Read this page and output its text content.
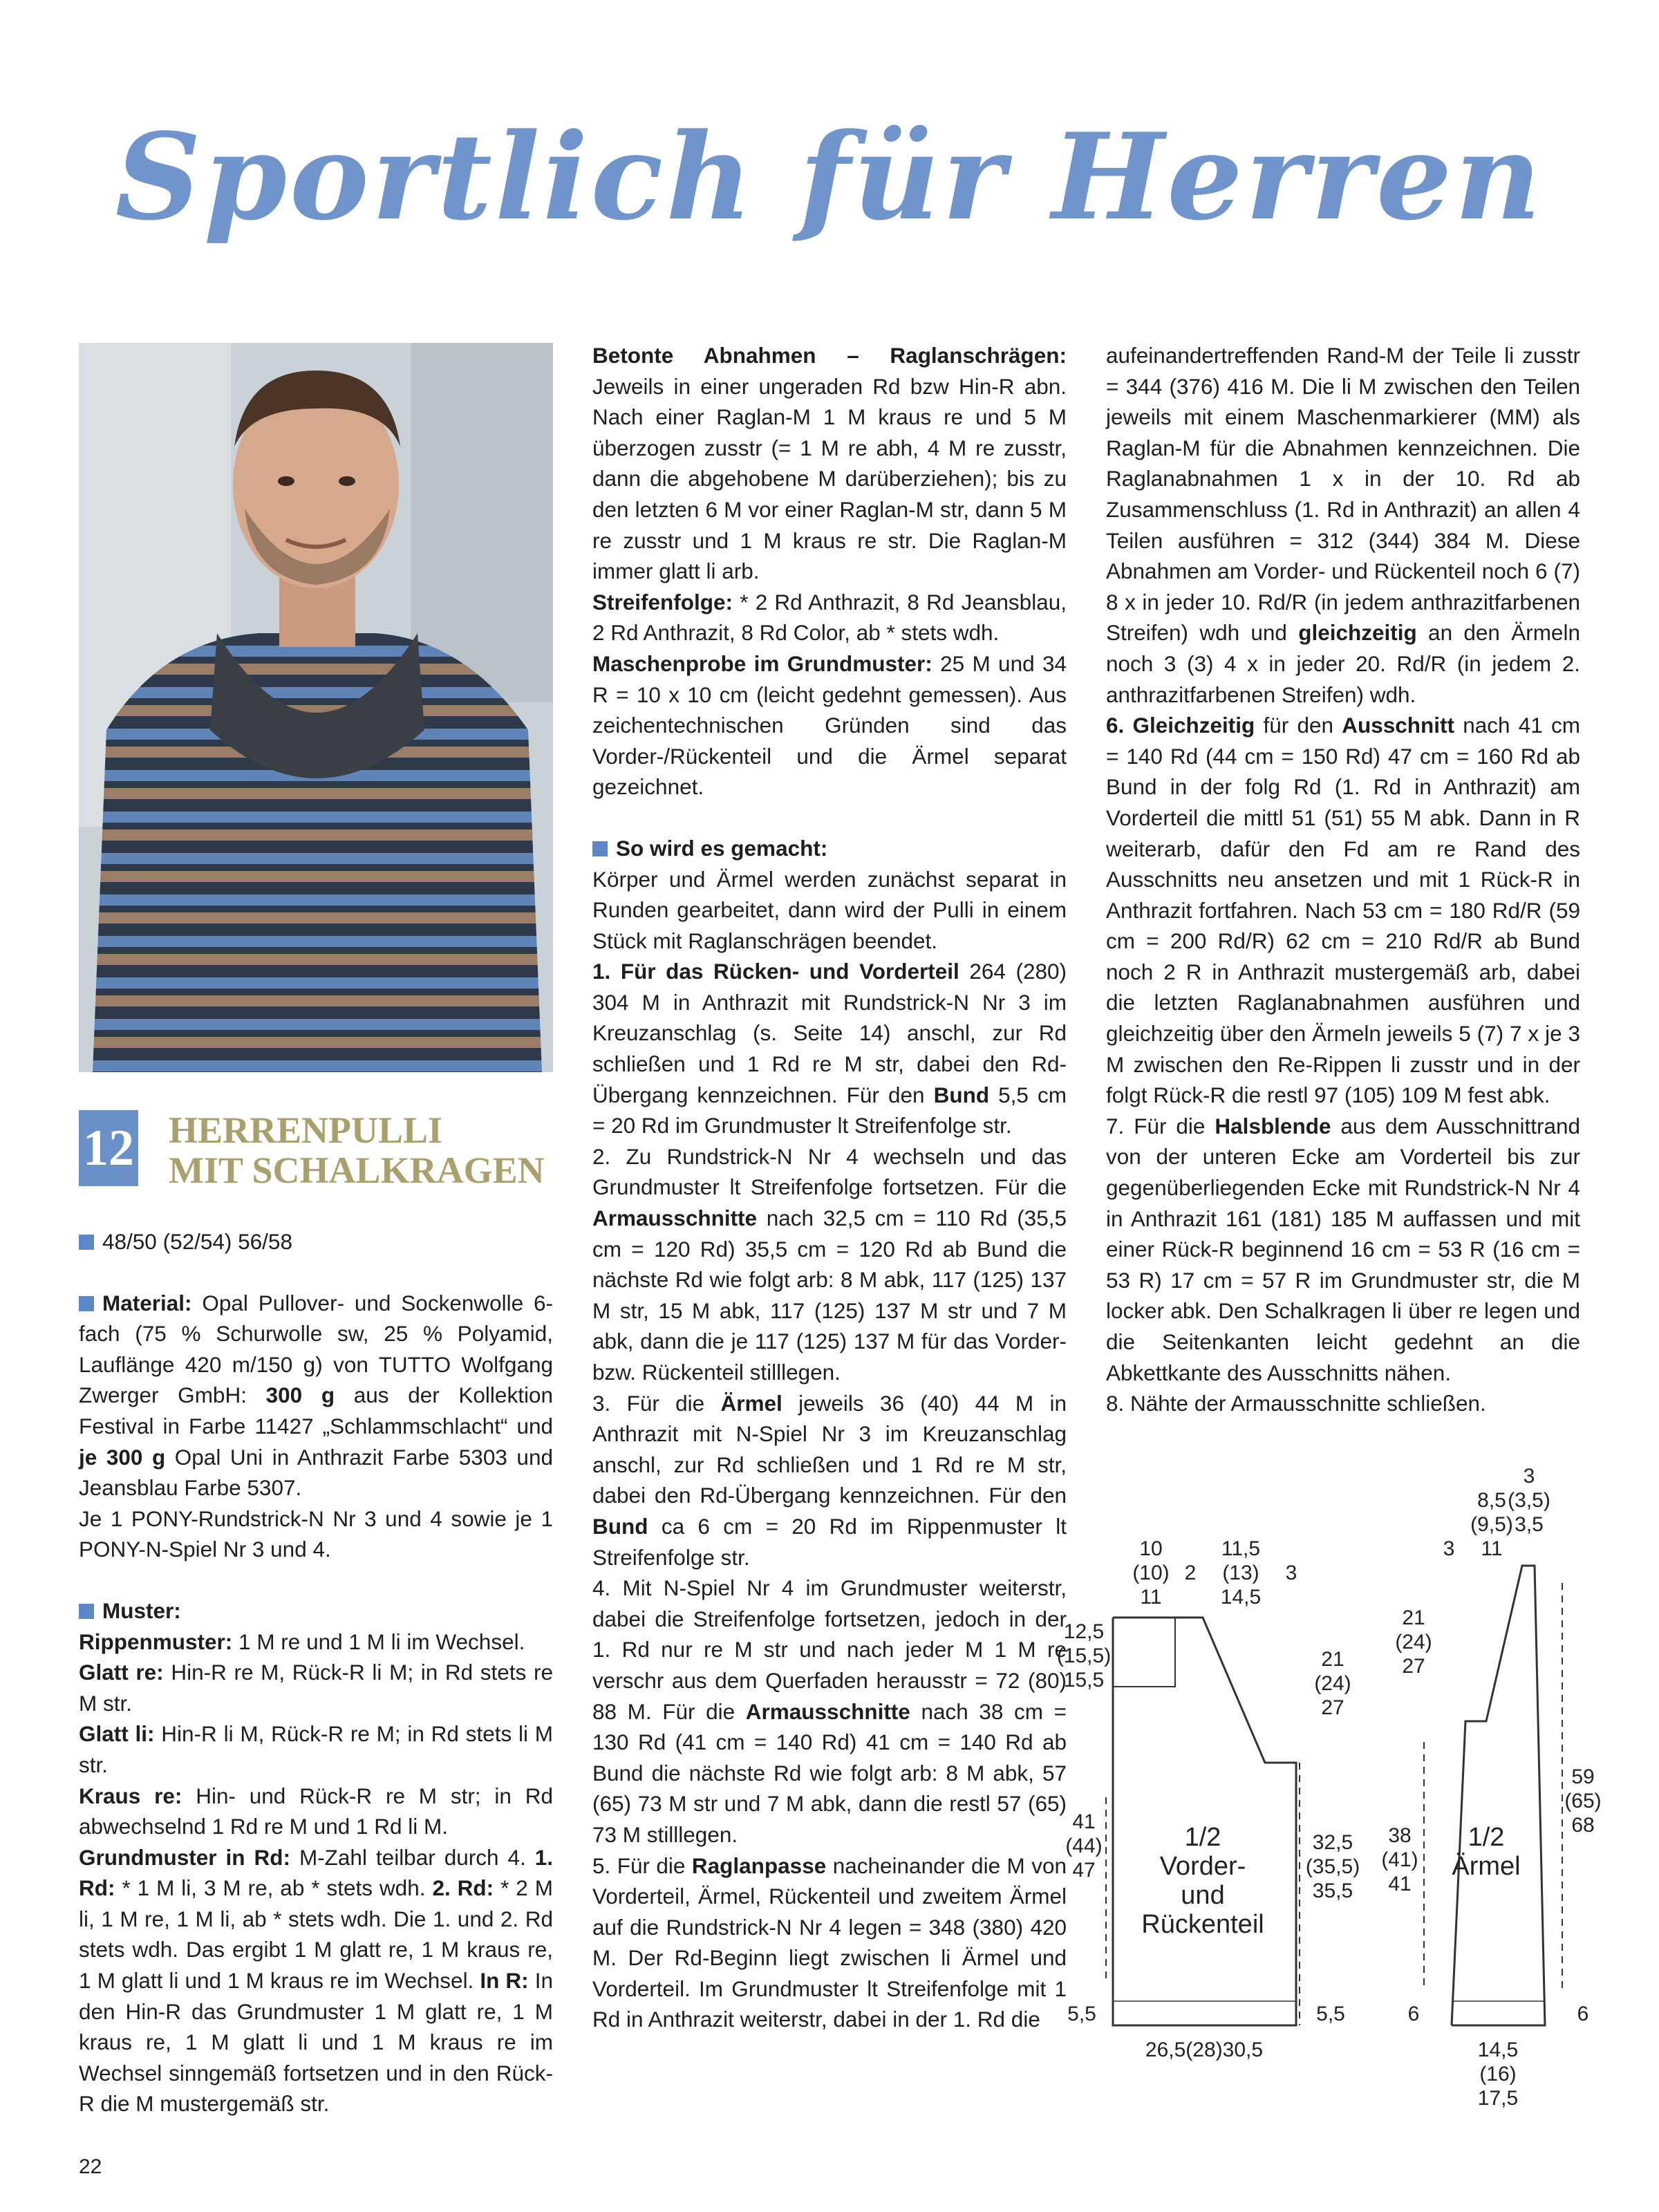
Sportlich für Herren
12 HERRENPULLI
MIT SCHALKRAGEN

48/50 (52/54) 56/58

Material: Opal Pullover- und Sockenwolle 6-fach (75 % Schurwolle sw, 25 % Polyamid, Lauflänge 420 m/150 g) von TUTTO Wolfgang Zwerger GmbH: 300 g aus der Kollektion Festival in Farbe 11427 „Schlammschlacht“ und je 300 g Opal Uni in Anthrazit Farbe 5303 und Jeansblau Farbe 5307.

Je 1 PONY-Rundstrick-N Nr 3 und 4 sowie je 1 PONY-N-Spiel Nr 3 und 4.

Muster:

Rippenmuster: 1 M re und 1 M li im Wechsel.

Glatt re: Hin-R re M, Rück-R li M; in Rd stets re M str.

Glatt li: Hin-R li M, Rück-R re M; in Rd stets li M str.

Kraus re: Hin- und Rück-R re M str; in Rd abwechselnd 1 Rd re M und 1 Rd li M.

Grundmuster in Rd: M-Zahl teilbar durch 4. 1. Rd: * 1 M li, 3 M re, ab * stets wdh. 2. Rd: * 2 M li, 1 M re, 1 M li, ab * stets wdh. Die 1. und 2. Rd stets wdh. Das ergibt 1 M glatt re, 1 M kraus re, 1 M glatt li und 1 M kraus re im Wechsel. In R: In den Hin-R das Grundmuster 1 M glatt re, 1 M kraus re, 1 M glatt li und 1 M kraus re im Wechsel sinngemäß fortsetzen und in den Rück-R die M mustergemäß str.

Betonte Abnahmen – Raglanschrägen: Jeweils in einer ungeraden Rd bzw Hin-R abn. Nach einer Raglan-M 1 M kraus re und 5 M überzogen zusstr (= 1 M re abh, 4 M re zusstr, dann die abgehobene M darüberziehen); bis zu den letzten 6 M vor einer Raglan-M str, dann 5 M re zusstr und 1 M kraus re str. Die Raglan-M immer glatt li arb.

Streifenfolge: * 2 Rd Anthrazit, 8 Rd Jeansblau, 2 Rd Anthrazit, 8 Rd Color, ab * stets wdh.

Maschenprobe im Grundmuster: 25 M und 34 R = 10 x 10 cm (leicht gedehnt gemessen). Aus zeichentechnischen Gründen sind das Vorder-/Rückenteil und die Ärmel separat gezeichnet.

So wird es gemacht:

Körper und Ärmel werden zunächst separat in Runden gearbeitet, dann wird der Pulli in einem Stück mit Raglanschrägen beendet.

1. Für das Rücken- und Vorderteil 264 (280) 304 M in Anthrazit mit Rundstrick-N Nr 3 im Kreuzanschlag (s. Seite 14) anschl, zur Rd schließen und 1 Rd re M str, dabei den Rd-Übergang kennzeichnen. Für den Bund 5,5 cm = 20 Rd im Grundmuster lt Streifenfolge str.

2. Zu Rundstrick-N Nr 4 wechseln und das Grundmuster lt Streifenfolge fortsetzen. Für die Armausschnitte nach 32,5 cm = 110 Rd (35,5 cm = 120 Rd) 35,5 cm = 120 Rd ab Bund die nächste Rd wie folgt arb: 8 M abk, 117 (125) 137 M str, 15 M abk, 117 (125) 137 M str und 7 M abk, dann die je 117 (125) 137 M für das Vorder- bzw. Rückenteil stilllegen.

3. Für die Ärmel jeweils 36 (40) 44 M in Anthrazit mit N-Spiel Nr 3 im Kreuzanschlag anschl, zur Rd schließen und 1 Rd re M str, dabei den Rd-Übergang kennzeichnen. Für den Bund ca 6 cm = 20 Rd im Rippenmuster lt Streifenfolge str.

4. Mit N-Spiel Nr 4 im Grundmuster weiterstr, dabei die Streifenfolge fortsetzen, jedoch in der 1. Rd nur re M str und nach jeder M 1 M re verschr aus dem Querfaden herausstr = 72 (80) 88 M. Für die Armausschnitte nach 38 cm = 130 Rd (41 cm = 140 Rd) 41 cm = 140 Rd ab Bund die nächste Rd wie folgt arb: 8 M abk, 57 (65) 73 M str und 7 M abk, dann die restl 57 (65) 73 M stilllegen.

5. Für die Raglanpasse nacheinander die M von Vorderteil, Ärmel, Rückenteil und zweitem Ärmel auf die Rundstrick-N Nr 4 legen = 348 (380) 420 M. Der Rd-Beginn liegt zwischen li Ärmel und Vorderteil. Im Grundmuster lt Streifenfolge mit 1 Rd in Anthrazit weiterstr, dabei in der 1. Rd die

aufeinandertreffenden Rand-M der Teile li zusstr = 344 (376) 416 M. Die li M zwischen den Teilen jeweils mit einem Maschenmarkierer (MM) als Raglan-M für die Abnahmen kennzeichnen. Die Raglanabnahmen 1 x in der 10. Rd ab Zusammenschluss (1. Rd in Anthrazit) an allen 4 Teilen ausführen = 312 (344) 384 M. Diese Abnahmen am Vorder- und Rückenteil noch 6 (7) 8 x in jeder 10. Rd/R (in jedem anthrazitfarbenen Streifen) wdh und gleichzeitig an den Ärmeln noch 3 (3) 4 x in jeder 20. Rd/R (in jedem 2. anthrazitfarbenen Streifen) wdh.

6. Gleichzeitig für den Ausschnitt nach 41 cm = 140 Rd (44 cm = 150 Rd) 47 cm = 160 Rd ab Bund in der folg Rd (1. Rd in Anthrazit) am Vorderteil die mittl 51 (51) 55 M abk. Dann in R weiterarb, dafür den Fd am re Rand des Ausschnitts neu ansetzen und mit 1 Rück-R in Anthrazit fortfahren. Nach 53 cm = 180 Rd/R (59 cm = 200 Rd/R) 62 cm = 210 Rd/R ab Bund noch 2 R in Anthrazit mustergemäß arb, dabei die letzten Raglanabnahmen ausführen und gleichzeitig über den Ärmeln jeweils 5 (7) 7 x je 3 M zwischen den Re-Rippen li zusstr und in der folgt Rück-R die restl 97 (105) 109 M fest abk.

7. Für die Halsblende aus dem Ausschnittrand von der unteren Ecke am Vorderteil bis zur gegenüberliegenden Ecke mit Rundstrick-N Nr 4 in Anthrazit 161 (181) 185 M auffassen und mit einer Rück-R beginnend 16 cm = 53 R (16 cm = 53 R) 17 cm = 57 R im Grundmuster str, die M locker abk. Den Schalkragen li über re legen und die Seitenkanten leicht gedehnt an die Abkettkante des Ausschnitts nähen.

8. Nähte der Armausschnitte schließen.

1/2
Vorder-
und
Rückenteil
1/2
Ärmel
10
(10)
11
2
11,5
(13)
14,5
3
12,5
(15,5)
15,5
21
(24)
27
41
(44)
47
32,5
(35,5)
35,5
5,5	5,5
26,5(28)30,5
8,5
(9,5)
11
3
(3,5)
3,5
3
21
(24)
27
38
(41)
41
59
(65)
68
6	6
14,5
(16)
17,5
22
